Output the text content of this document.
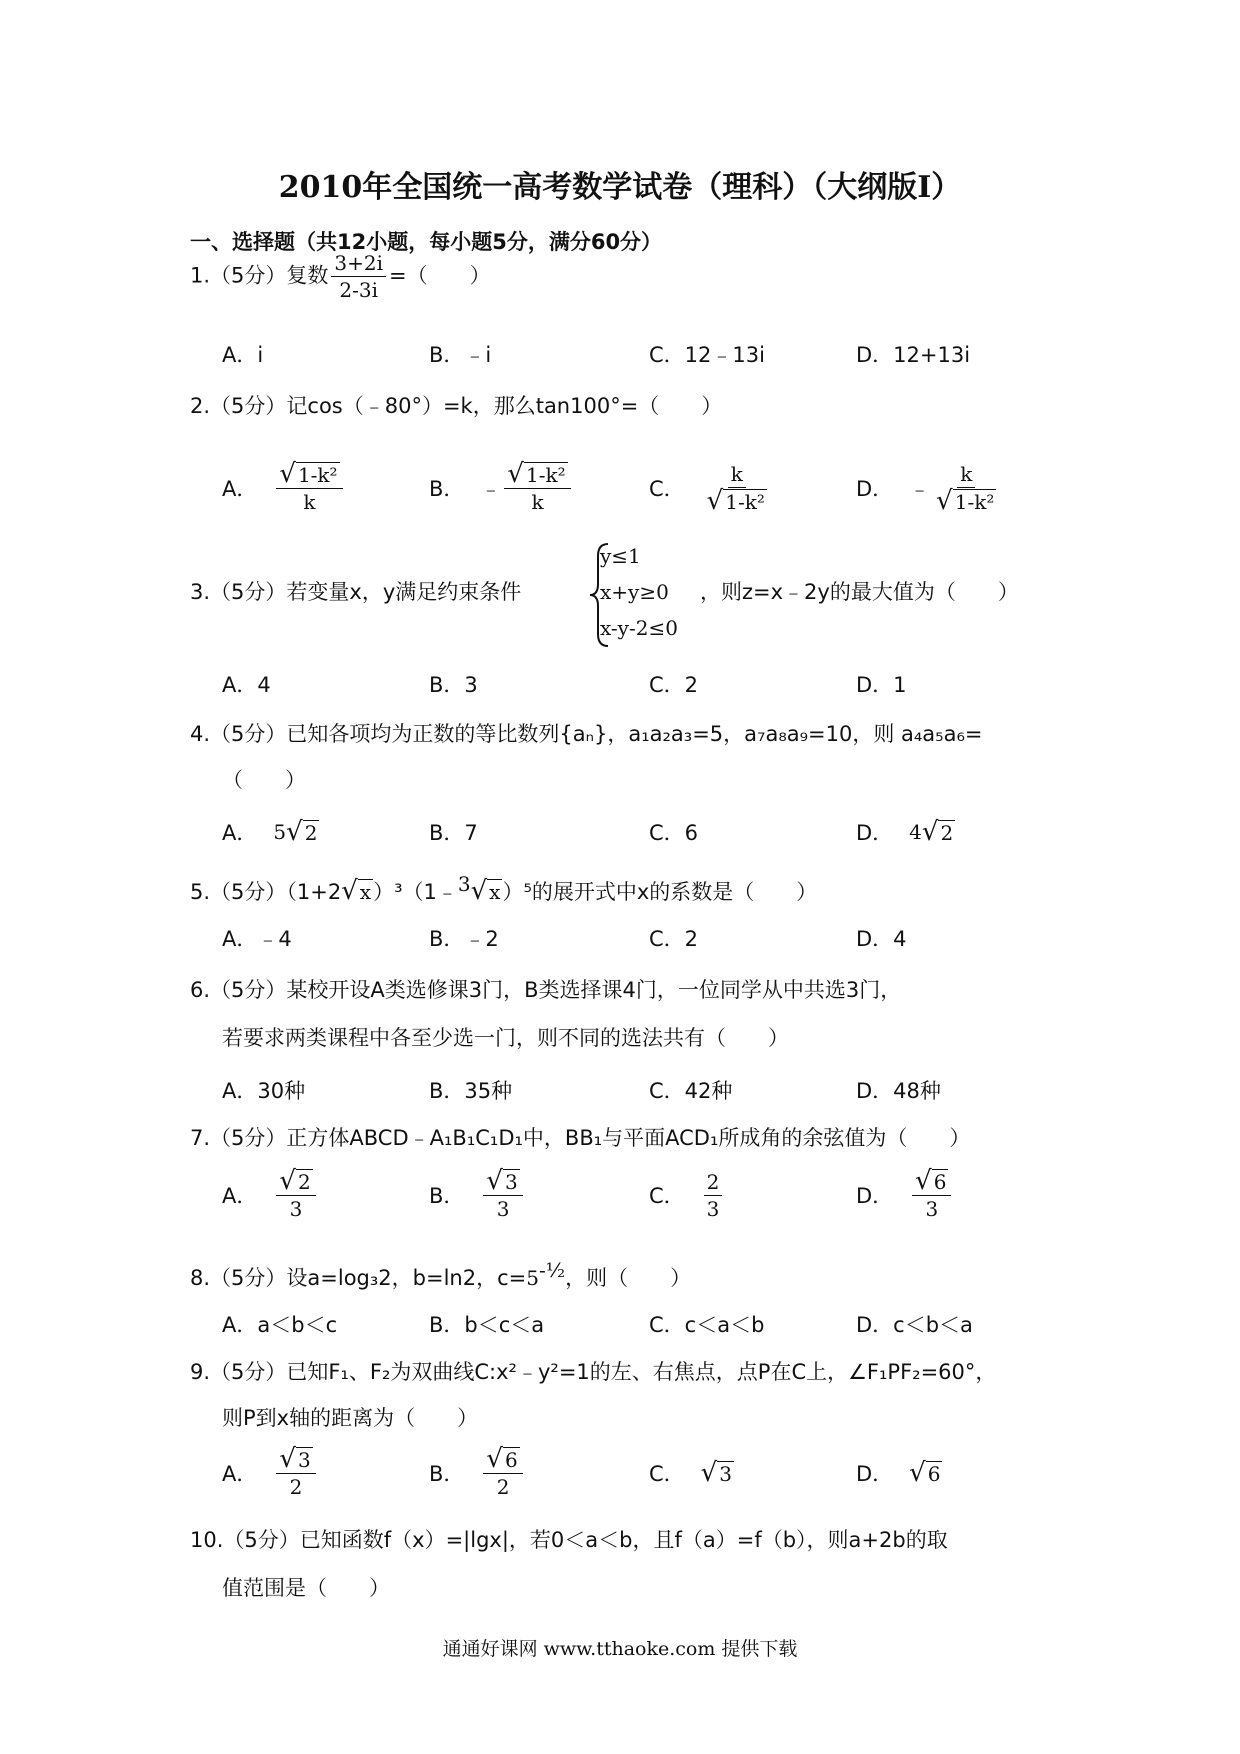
2010年全国统一高考数学试卷（理科）（大纲版Ⅰ）
一、选择题（共12小题，每小题5分，满分60分）
1.（5分）复数 $\frac{3+2i}{2-3i}$ =（　　）
A．i	B．﹣i	C．12﹣13i	D．12+13i
2.（5分）记cos（﹣80°）=k，那么tan100°=（　　）
A． $\frac{\text{√ 1-k²}}{k}$	B． ﹣ $\frac{\text{√ 1-k²}}{k}$	C． $\frac{k}{\text{√ 1-k²}}$	D． ﹣ $\frac{k}{\text{√ 1-k²}}$
3.（5分）若变量x，y满足约束条件
y≤1
x+y≥0
x-y-2≤0
，则z=x﹣2y的最大值为（　　）
A．4	B．3	C．2	D．1
4.（5分）已知各项均为正数的等比数列{aₙ}，a₁a₂a₃=5，a₇a₈a₉=10，则 a₄a₅a₆=
（　　）
A． 5 √ 2	B．7	C．6	D． 4 √ 2
5.（5分）（1+2 √ x ）³（1﹣$^3$ √ x ）⁵的展开式中x的系数是（　　）
A．﹣4	B．﹣2	C．2	D．4
6.（5分）某校开设A类选修课3门，B类选择课4门，一位同学从中共选3门，
若要求两类课程中各至少选一门，则不同的选法共有（　　）
A．30种	B．35种	C．42种	D．48种
7.（5分）正方体ABCD﹣A₁B₁C₁D₁中，BB₁与平面ACD₁所成角的余弦值为（　　）
A． $\frac{√ 2}{3}$	B． $\frac{√ 3}{3}$	C． $\frac{2}{3}$	D． $\frac{√ 6}{3}$
8.（5分）设a=log₃2，b=ln2，$c=5^{-\frac{1}{2}}$，则（　　）
A．a＜b＜c	B．b＜c＜a	C．c＜a＜b	D．c＜b＜a
9.（5分）已知F₁、F₂为双曲线C:x²﹣y²=1的左、右焦点，点P在C上，∠F₁PF₂=60°，
则P到x轴的距离为（　　）
A． $\frac{√ 3}{2}$	B． $\frac{√ 6}{2}$	C． √ 3	D． √ 6
10.（5分）已知函数f（x）=|lgx|，若0＜a＜b，且f（a）=f（b），则a+2b的取
值范围是（　　）
通通好课网 www.tthaoke.com 提供下载
